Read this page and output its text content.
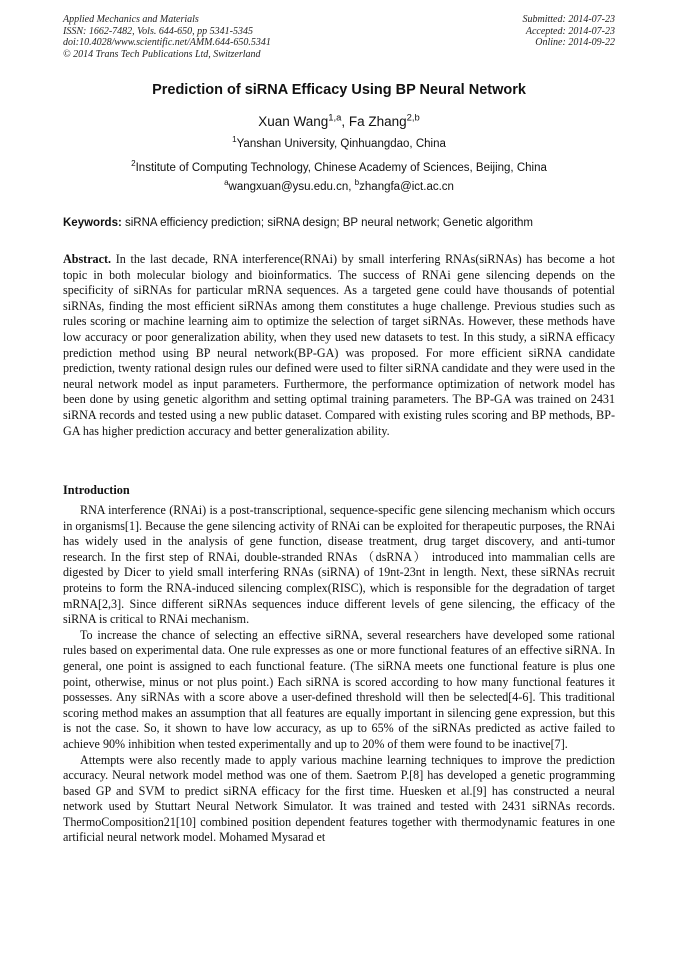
Applied Mechanics and Materials
ISSN: 1662-7482, Vols. 644-650, pp 5341-5345
doi:10.4028/www.scientific.net/AMM.644-650.5341
© 2014 Trans Tech Publications Ltd, Switzerland
Submitted: 2014-07-23
Accepted: 2014-07-23
Online: 2014-09-22
Prediction of siRNA Efficacy Using BP Neural Network
Xuan Wang$^{1,a}$, Fa Zhang$^{2,b}$
$^1$Yanshan University, Qinhuangdao, China
$^2$Institute of Computing Technology, Chinese Academy of Sciences, Beijing, China
$^a$wangxuan@ysu.edu.cn, $^b$zhangfa@ict.ac.cn
Keywords: siRNA efficiency prediction; siRNA design; BP neural network; Genetic algorithm
Abstract. In the last decade, RNA interference(RNAi) by small interfering RNAs(siRNAs) has become a hot topic in both molecular biology and bioinformatics. The success of RNAi gene silencing depends on the specificity of siRNAs for particular mRNA sequences. As a targeted gene could have thousands of potential siRNAs, finding the most efficient siRNAs among them constitutes a huge challenge. Previous studies such as rules scoring or machine learning aim to optimize the selection of target siRNAs. However, these methods have low accuracy or poor generalization ability, when they used new datasets to test. In this study, a siRNA efficacy prediction method using BP neural network(BP-GA) was proposed. For more efficient siRNA candidate prediction, twenty rational design rules our defined were used to filter siRNA candidate and they were used in the neural network model as input parameters. Furthermore, the performance optimization of network model has been done by using genetic algorithm and setting optimal training parameters. The BP-GA was trained on 2431 siRNA records and tested using a new public dataset. Compared with existing rules scoring and BP methods, BP-GA has higher prediction accuracy and better generalization ability.
Introduction

RNA interference (RNAi) is a post-transcriptional, sequence-specific gene silencing mechanism which occurs in organisms[1]. Because the gene silencing activity of RNAi can be exploited for therapeutic purposes, the RNAi has widely used in the analysis of gene function, disease treatment, drug target discovery, and anti-tumor research. In the first step of RNAi, double-stranded RNAs （dsRNA） introduced into mammalian cells are digested by Dicer to yield small interfering RNAs (siRNA) of 19nt-23nt in length. Next, these siRNAs recruit proteins to form the RNA-induced silencing complex(RISC), which is responsible for the degradation of target mRNA[2,3]. Since different siRNAs sequences induce different levels of gene silencing, the efficacy of the siRNA is critical to RNAi mechanism.

To increase the chance of selecting an effective siRNA, several researchers have developed some rational rules based on experimental data. One rule expresses as one or more functional features of an effective siRNA. In general, one point is assigned to each functional feature. (The siRNA meets one functional feature is plus one point, otherwise, minus or not plus point.) Each siRNA is scored according to how many functional features it possesses. Any siRNAs with a score above a user-defined threshold will then be selected[4-6]. This traditional scoring method makes an assumption that all features are equally important in silencing gene expression, but this is not the case. So, it shown to have low accuracy, as up to 65% of the siRNAs predicted as active failed to achieve 90% inhibition when tested experimentally and up to 20% of them were found to be inactive[7].

Attempts were also recently made to apply various machine learning techniques to improve the prediction accuracy. Neural network model method was one of them. Saetrom P.[8] has developed a genetic programming based GP and SVM to predict siRNA efficacy for the first time. Huesken et al.[9] has constructed a neural network used by Stuttart Neural Network Simulator. It was trained and tested with 2431 siRNAs records. ThermoComposition21[10] combined position dependent features together with thermodynamic features in one artificial neural network model. Mohamed Mysarad et
